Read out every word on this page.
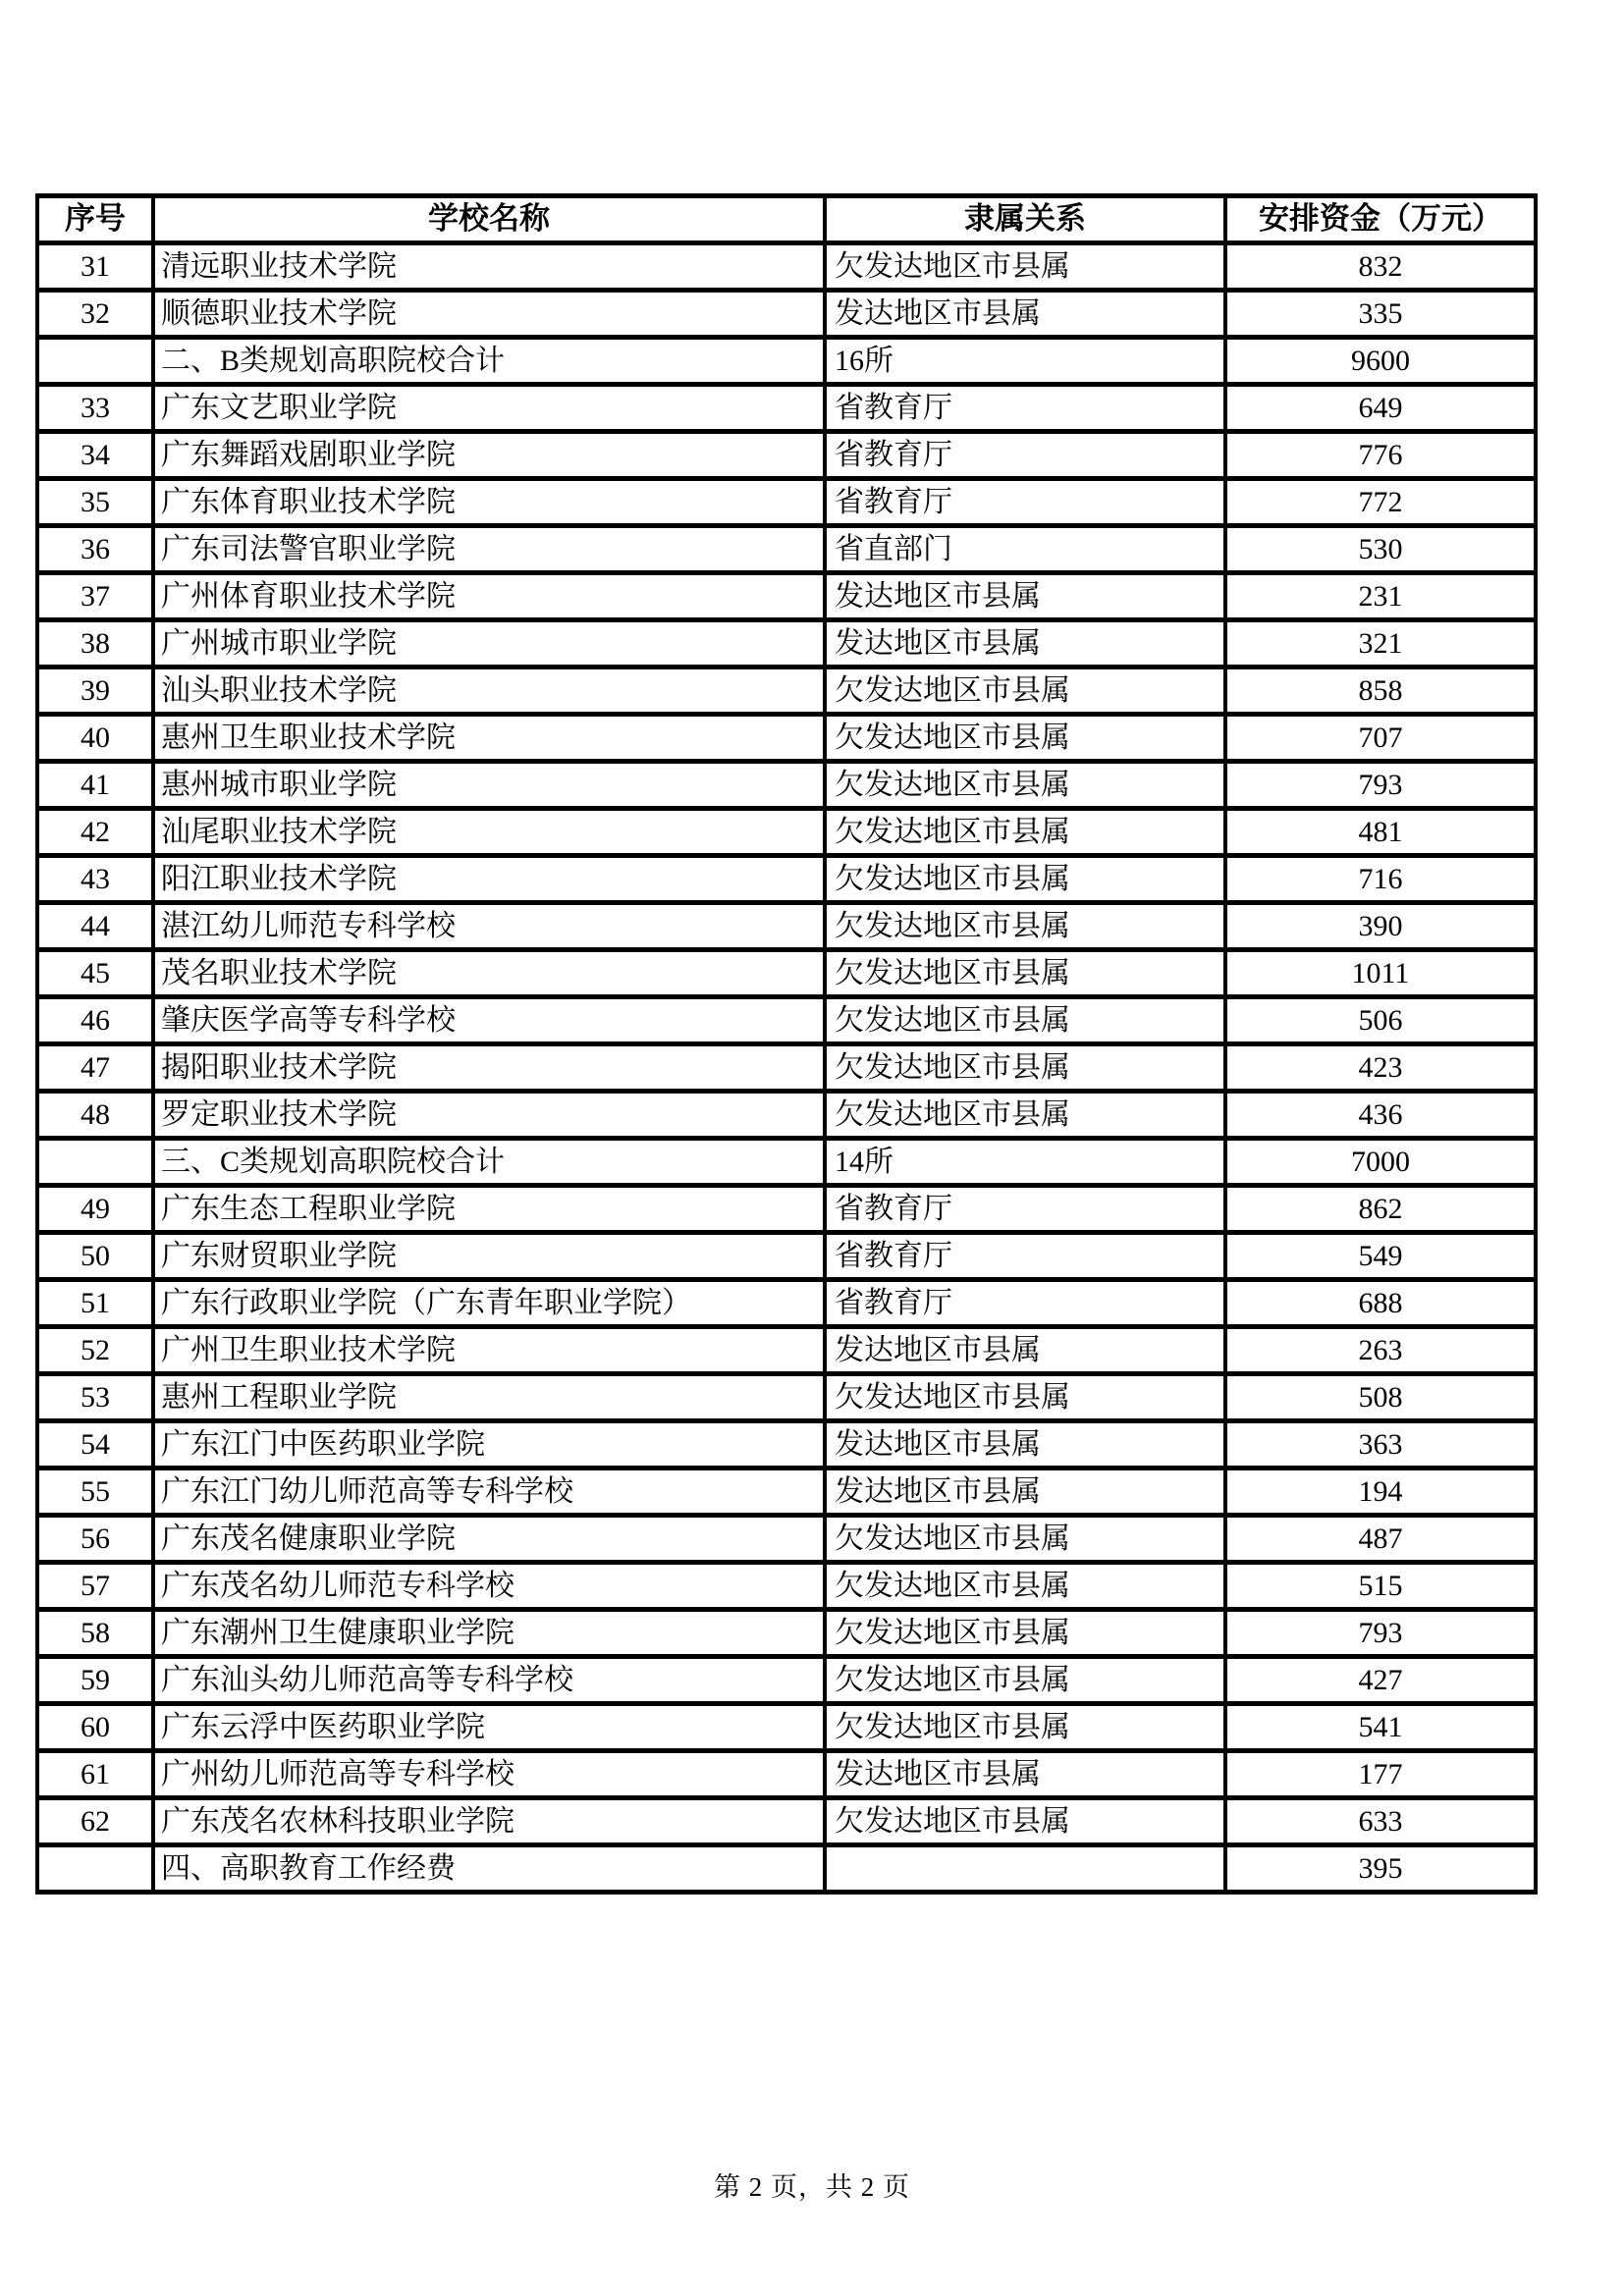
序号	学校名称	隶属关系	安排资金（万元）
31	清远职业技术学院	欠发达地区市县属	832
32	顺德职业技术学院	发达地区市县属	335
	二、B类规划高职院校合计	16所	9600
33	广东文艺职业学院	省教育厅	649
34	广东舞蹈戏剧职业学院	省教育厅	776
35	广东体育职业技术学院	省教育厅	772
36	广东司法警官职业学院	省直部门	530
37	广州体育职业技术学院	发达地区市县属	231
38	广州城市职业学院	发达地区市县属	321
39	汕头职业技术学院	欠发达地区市县属	858
40	惠州卫生职业技术学院	欠发达地区市县属	707
41	惠州城市职业学院	欠发达地区市县属	793
42	汕尾职业技术学院	欠发达地区市县属	481
43	阳江职业技术学院	欠发达地区市县属	716
44	湛江幼儿师范专科学校	欠发达地区市县属	390
45	茂名职业技术学院	欠发达地区市县属	1011
46	肇庆医学高等专科学校	欠发达地区市县属	506
47	揭阳职业技术学院	欠发达地区市县属	423
48	罗定职业技术学院	欠发达地区市县属	436
	三、C类规划高职院校合计	14所	7000
49	广东生态工程职业学院	省教育厅	862
50	广东财贸职业学院	省教育厅	549
51	广东行政职业学院（广东青年职业学院）	省教育厅	688
52	广州卫生职业技术学院	发达地区市县属	263
53	惠州工程职业学院	欠发达地区市县属	508
54	广东江门中医药职业学院	发达地区市县属	363
55	广东江门幼儿师范高等专科学校	发达地区市县属	194
56	广东茂名健康职业学院	欠发达地区市县属	487
57	广东茂名幼儿师范专科学校	欠发达地区市县属	515
58	广东潮州卫生健康职业学院	欠发达地区市县属	793
59	广东汕头幼儿师范高等专科学校	欠发达地区市县属	427
60	广东云浮中医药职业学院	欠发达地区市县属	541
61	广州幼儿师范高等专科学校	发达地区市县属	177
62	广东茂名农林科技职业学院	欠发达地区市县属	633
	四、高职教育工作经费		395
第 2 页，共 2 页
